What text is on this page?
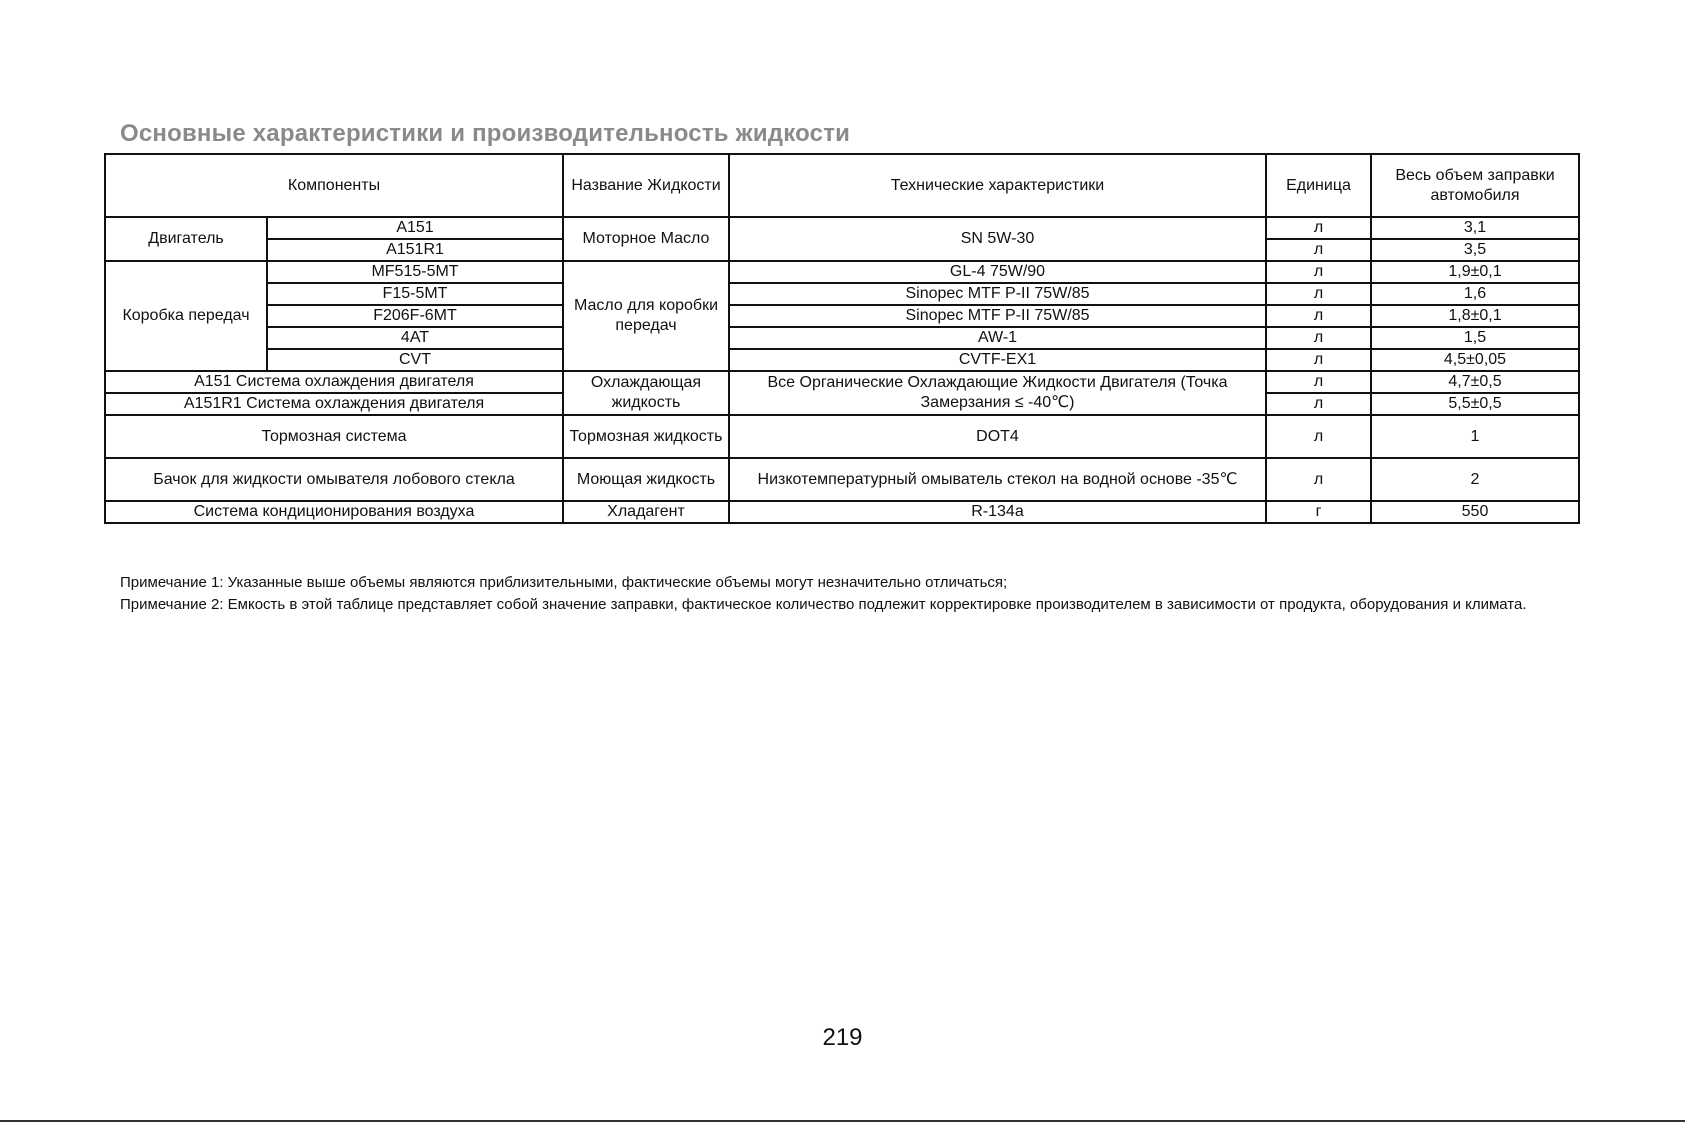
Основные характеристики и производительность жидкости
Компоненты		Название Жидкости	Технические характеристики	Единица	Весь объем заправки автомобиля
Двигатель	A151	Моторное Масло	SN 5W-30	л	3,1
	A151R1			л	3,5
Коробка передач	MF515-5MT	Масло для коробки передач	GL-4 75W/90	л	1,9±0,1
	F15-5MT		Sinopec MTF P-II 75W/85	л	1,6
	F206F-6MT		Sinopec MTF P-II 75W/85	л	1,8±0,1
	4AT		AW-1	л	1,5
	CVT		CVTF-EX1	л	4,5±0,05
A151 Система охлаждения двигателя		Охлаждающая жидкость	Все Органические Охлаждающие Жидкости Двигателя (Точка Замерзания ≤ -40℃)	л	4,7±0,5
A151R1 Система охлаждения двигателя				л	5,5±0,5
Тормозная система		Тормозная жидкость	DOT4	л	1
Бачок для жидкости омывателя лобового стекла		Моющая жидкость	Низкотемпературный омыватель стекол на водной основе -35℃	л	2
Система кондиционирования воздуха		Хладагент	R-134a	г	550

Примечание 1: Указанные выше объемы являются приблизительными, фактические объемы могут незначительно отличаться;

Примечание 2: Емкость в этой таблице представляет собой значение заправки, фактическое количество подлежит корректировке производителем в зависимости от продукта, оборудования и климата.

219
